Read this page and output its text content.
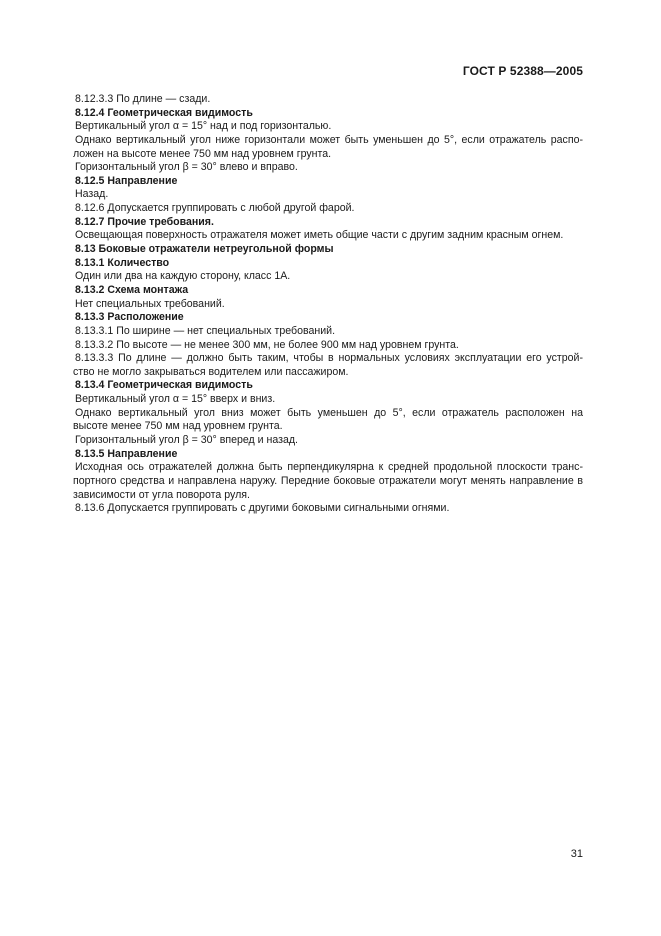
ГОСТ Р 52388—2005
8.12.3.3 По длине — сзади.
8.12.4 Геометрическая видимость
Вертикальный угол α = 15° над и под горизонталью.
Однако вертикальный угол ниже горизонтали может быть уменьшен до 5°, если отражатель распо-
ложен на высоте менее 750 мм над уровнем грунта.
Горизонтальный угол β = 30° влево и вправо.
8.12.5 Направление
Назад.
8.12.6 Допускается группировать с любой другой фарой.
8.12.7 Прочие требования.
Освещающая поверхность отражателя может иметь общие части с другим задним красным огнем.
8.13 Боковые отражатели нетреугольной формы
8.13.1 Количество
Один или два на каждую сторону, класс 1А.
8.13.2 Схема монтажа
Нет специальных требований.
8.13.3 Расположение
8.13.3.1 По ширине — нет специальных требований.
8.13.3.2 По высоте — не менее 300 мм, не более 900 мм над уровнем грунта.
8.13.3.3 По длине — должно быть таким, чтобы в нормальных условиях эксплуатации его устрой-
ство не могло закрываться водителем или пассажиром.
8.13.4 Геометрическая видимость
Вертикальный угол α = 15° вверх и вниз.
Однако вертикальный угол вниз может быть уменьшен до 5°, если отражатель расположен на
высоте менее 750 мм над уровнем грунта.
Горизонтальный угол β = 30° вперед и назад.
8.13.5 Направление
Исходная ось отражателей должна быть перпендикулярна к средней продольной плоскости транс-
портного средства и направлена наружу. Передние боковые отражатели могут менять направление в
зависимости от угла поворота руля.
8.13.6 Допускается группировать с другими боковыми сигнальными огнями.
31
